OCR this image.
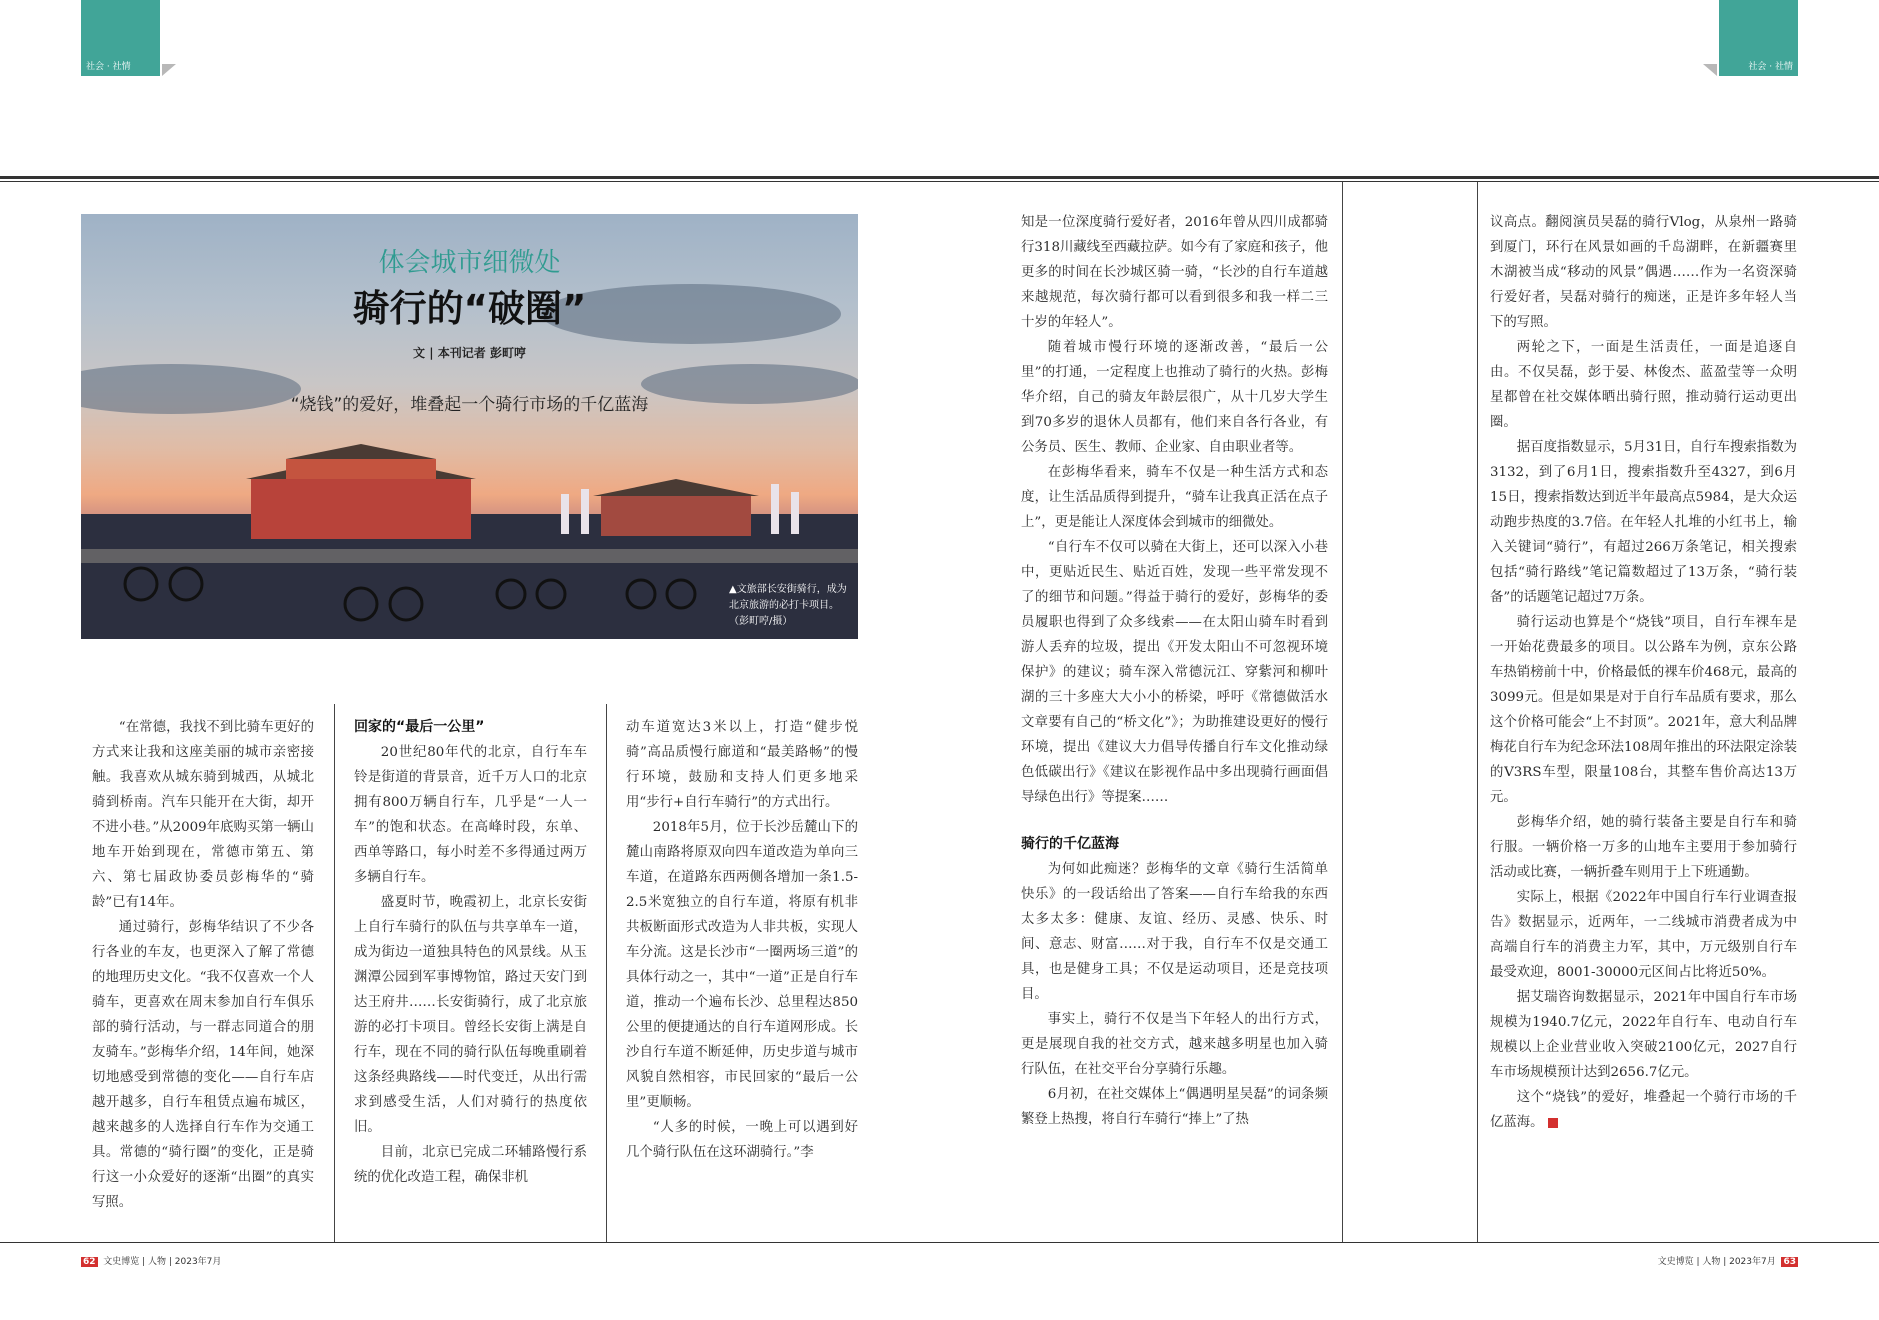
社会 · 社情	社会 · 社情
体会城市细微处
骑行的“破圈”
文 | 本刊记者 彭町哼
“烧钱”的爱好，堆叠起一个骑行市场的千亿蓝海
▲文旅部长安街骑行，成为北京旅游的必打卡项目。（彭町哼/摄）

“在常德，我找不到比骑车更好的方式来让我和这座美丽的城市亲密接触。我喜欢从城东骑到城西，从城北骑到桥南。汽车只能开在大街，却开不进小巷。”从2009年底购买第一辆山地车开始到现在，常德市第五、第六、第七届政协委员彭梅华的“骑龄”已有14年。

通过骑行，彭梅华结识了不少各行各业的车友，也更深入了解了常德的地理历史文化。“我不仅喜欢一个人骑车，更喜欢在周末参加自行车俱乐部的骑行活动，与一群志同道合的朋友骑车。”彭梅华介绍，14年间，她深切地感受到常德的变化——自行车店越开越多，自行车租赁点遍布城区，越来越多的人选择自行车作为交通工具。常德的“骑行圈”的变化，正是骑行这一小众爱好的逐渐“出圈”的真实写照。

回家的“最后一公里”

20世纪80年代的北京，自行车车铃是街道的背景音，近千万人口的北京拥有800万辆自行车，几乎是“一人一车”的饱和状态。在高峰时段，东单、西单等路口，每小时差不多得通过两万多辆自行车。

盛夏时节，晚霞初上，北京长安街上自行车骑行的队伍与共享单车一道，成为街边一道独具特色的风景线。从玉渊潭公园到军事博物馆，路过天安门到达王府井……长安街骑行，成了北京旅游的必打卡项目。曾经长安街上满是自行车，现在不同的骑行队伍每晚重刷着这条经典路线——时代变迁，从出行需求到感受生活，人们对骑行的热度依旧。

目前，北京已完成二环辅路慢行系统的优化改造工程，确保非机

动车道宽达3米以上，打造“健步悦骑”高品质慢行廊道和“最美路畅”的慢行环境，鼓励和支持人们更多地采用“步行+自行车骑行”的方式出行。

2018年5月，位于长沙岳麓山下的麓山南路将原双向四车道改造为单向三车道，在道路东西两侧各增加一条1.5-2.5米宽独立的自行车道，将原有机非共板断面形式改造为人非共板，实现人车分流。这是长沙市“一圈两场三道”的具体行动之一，其中“一道”正是自行车道，推动一个遍布长沙、总里程达850公里的便捷通达的自行车道网形成。长沙自行车道不断延伸，历史步道与城市风貌自然相容，市民回家的“最后一公里”更顺畅。

“人多的时候，一晚上可以遇到好几个骑行队伍在这环湖骑行。”李

知是一位深度骑行爱好者，2016年曾从四川成都骑行318川藏线至西藏拉萨。如今有了家庭和孩子，他更多的时间在长沙城区骑一骑，“长沙的自行车道越来越规范，每次骑行都可以看到很多和我一样二三十岁的年轻人”。

随着城市慢行环境的逐渐改善，“最后一公里”的打通，一定程度上也推动了骑行的火热。彭梅华介绍，自己的骑友年龄层很广，从十几岁大学生到70多岁的退休人员都有，他们来自各行各业，有公务员、医生、教师、企业家、自由职业者等。

在彭梅华看来，骑车不仅是一种生活方式和态度，让生活品质得到提升，“骑车让我真正活在点子上”，更是能让人深度体会到城市的细微处。

“自行车不仅可以骑在大街上，还可以深入小巷中，更贴近民生、贴近百姓，发现一些平常发现不了的细节和问题。”得益于骑行的爱好，彭梅华的委员履职也得到了众多线索——在太阳山骑车时看到游人丢弃的垃圾，提出《开发太阳山不可忽视环境保护》的建议；骑车深入常德沅江、穿紫河和柳叶湖的三十多座大大小小的桥梁，呼吁《常德做活水文章要有自己的“桥文化”》；为助推建设更好的慢行环境，提出《建议大力倡导传播自行车文化推动绿色低碳出行》《建议在影视作品中多出现骑行画面倡导绿色出行》等提案……

骑行的千亿蓝海

为何如此痴迷？彭梅华的文章《骑行生活简单快乐》的一段话给出了答案——自行车给我的东西太多太多：健康、友谊、经历、灵感、快乐、时间、意志、财富……对于我，自行车不仅是交通工具，也是健身工具；不仅是运动项目，还是竞技项目。

事实上，骑行不仅是当下年轻人的出行方式，更是展现自我的社交方式，越来越多明星也加入骑行队伍，在社交平台分享骑行乐趣。

6月初，在社交媒体上“偶遇明星吴磊”的词条频繁登上热搜，将自行车骑行“捧上”了热

议高点。翻阅演员吴磊的骑行Vlog，从泉州一路骑到厦门，环行在风景如画的千岛湖畔，在新疆赛里木湖被当成“移动的风景”偶遇……作为一名资深骑行爱好者，吴磊对骑行的痴迷，正是许多年轻人当下的写照。

两轮之下，一面是生活责任，一面是追逐自由。不仅吴磊，彭于晏、林俊杰、蓝盈莹等一众明星都曾在社交媒体晒出骑行照，推动骑行运动更出圈。

据百度指数显示，5月31日，自行车搜索指数为3132，到了6月1日，搜索指数升至4327，到6月15日，搜索指数达到近半年最高点5984，是大众运动跑步热度的3.7倍。在年轻人扎堆的小红书上，输入关键词“骑行”，有超过266万条笔记，相关搜索包括“骑行路线”笔记篇数超过了13万条，“骑行装备”的话题笔记超过7万条。

骑行运动也算是个“烧钱”项目，自行车裸车是一开始花费最多的项目。以公路车为例，京东公路车热销榜前十中，价格最低的裸车价468元，最高的3099元。但是如果是对于自行车品质有要求，那么这个价格可能会“上不封顶”。2021年，意大利品牌梅花自行车为纪念环法108周年推出的环法限定涂装的V3RS车型，限量108台，其整车售价高达13万元。

彭梅华介绍，她的骑行装备主要是自行车和骑行服。一辆价格一万多的山地车主要用于参加骑行活动或比赛，一辆折叠车则用于上下班通勤。

实际上，根据《2022年中国自行车行业调查报告》数据显示，近两年，一二线城市消费者成为中高端自行车的消费主力军，其中，万元级别自行车最受欢迎，8001-30000元区间占比将近50%。

据艾瑞咨询数据显示，2021年中国自行车市场规模为1940.7亿元，2022年自行车、电动自行车规模以上企业营业收入突破2100亿元，2027自行车市场规模预计达到2656.7亿元。

这个“烧钱”的爱好，堆叠起一个骑行市场的千亿蓝海。

62 文史博览 | 人物 | 2023年7月	文史博览 | 人物 | 2023年7月 63
